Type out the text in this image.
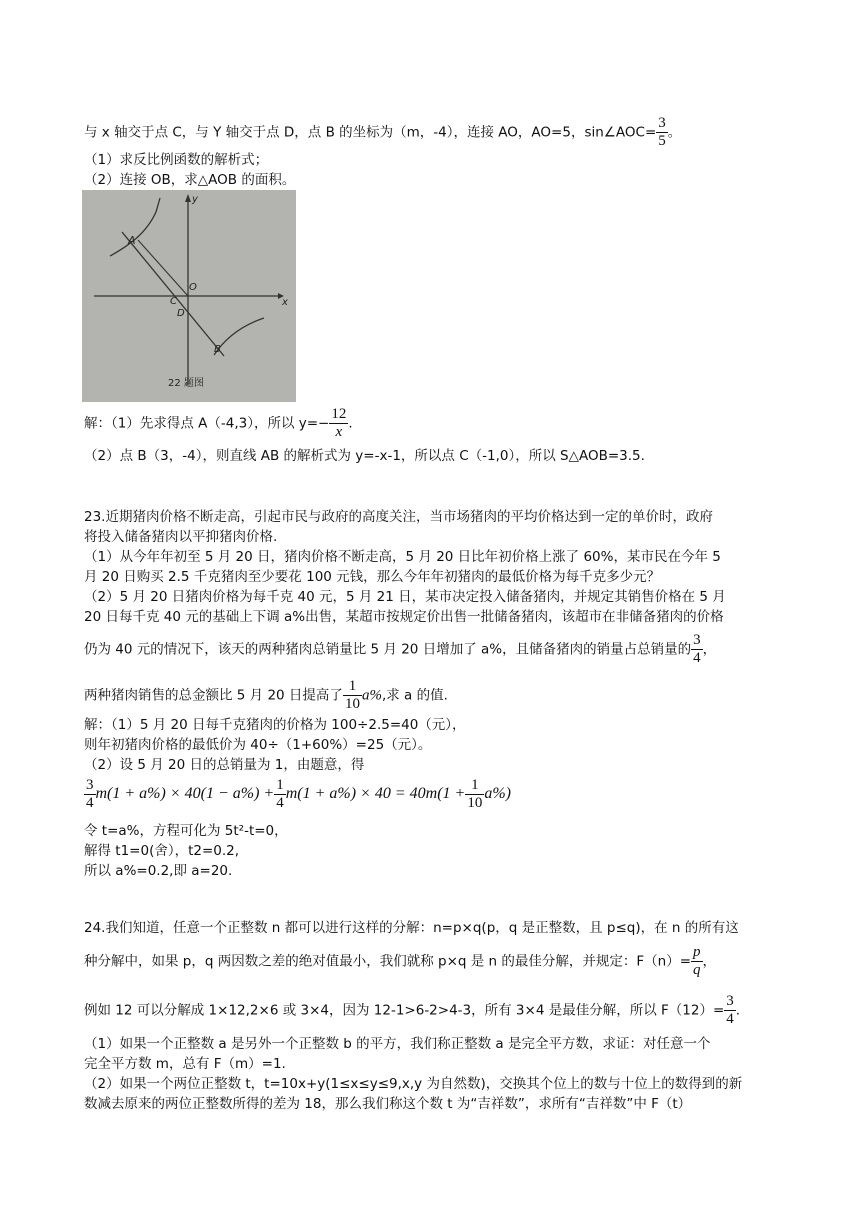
与 x 轴交于点 C，与 Y 轴交于点 D，点 B 的坐标为（m，-4），连接 AO，AO=5，sin∠AOC= $\frac{3}{5}$ 。
（1）求反比例函数的解析式；
（2）连接 OB，求△AOB 的面积。
y
x
A
O
C
D
B
22 题图
解：（1）先求得点 A（-4,3），所以 $y=- \frac{12}{x}$ .
（2）点 B（3，-4），则直线 AB 的解析式为 y=-x-1，所以点 C（-1,0），所以 S△AOB=3.5.
23.近期猪肉价格不断走高，引起市民与政府的高度关注，当市场猪肉的平均价格达到一定的单价时，政府
将投入储备猪肉以平抑猪肉价格.
（1）从今年年初至 5 月 20 日，猪肉价格不断走高，5 月 20 日比年初价格上涨了 60%，某市民在今年 5
月 20 日购买 2.5 千克猪肉至少要花 100 元钱，那么今年年初猪肉的最低价格为每千克多少元？
（2）5 月 20 日猪肉价格为每千克 40 元，5 月 21 日，某市决定投入储备猪肉，并规定其销售价格在 5 月
20 日每千克 40 元的基础上下调 a%出售，某超市按规定价出售一批储备猪肉，该超市在非储备猪肉的价格
仍为 40 元的情况下，该天的两种猪肉总销量比 5 月 20 日增加了 a%，且储备猪肉的销量占总销量的 $\frac{3}{4}$ ，
两种猪肉销售的总金额比 5 月 20 日提高了 $\frac{1}{10} a\%$,求 a 的值.
解：（1）5 月 20 日每千克猪肉的价格为 100÷2.5=40（元），
则年初猪肉价格的最低价为 40÷（1+60%）=25（元）。
（2）设 5 月 20 日的总销量为 1，由题意，得
$\frac{3}{4} m(1 + a\%) \times 40(1 - a\%) + \frac{1}{4} m(1 + a\%) \times 40 = 40m(1 + \frac{1}{10} a\%)$
令 t=a%，方程可化为 5t²-t=0，
解得 t1=0(舍），t2=0.2,
所以 a%=0.2,即 a=20.
24.我们知道，任意一个正整数 n 都可以进行这样的分解：n=p×q(p，q 是正整数，且 p≤q)，在 n 的所有这
种分解中，如果 p，q 两因数之差的绝对值最小，我们就称 p×q 是 n 的最佳分解，并规定：$F(n)= \frac{p}{q}$ ，
例如 12 可以分解成 1×12,2×6 或 3×4，因为 12-1>6-2>4-3，所有 3×4 是最佳分解，所以 $F(12)= \frac{3}{4}$ .
（1）如果一个正整数 a 是另外一个正整数 b 的平方，我们称正整数 a 是完全平方数，求证：对任意一个
完全平方数 m，总有 F（m）=1.
（2）如果一个两位正整数 t，t=10x+y(1≤x≤y≤9,x,y 为自然数)，交换其个位上的数与十位上的数得到的新
数减去原来的两位正整数所得的差为 18，那么我们称这个数 t 为“吉祥数”，求所有“吉祥数”中 F（t）
